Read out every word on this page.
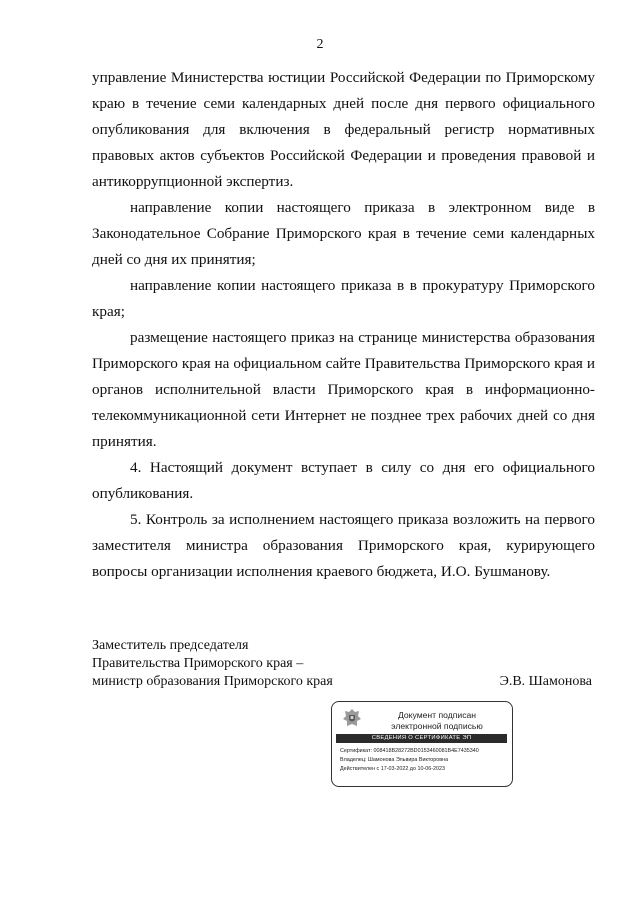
2

управление Министерства юстиции Российской Федерации по Приморскому краю в течение семи календарных дней после дня первого официального опубликования для включения в федеральный регистр нормативных правовых актов субъектов Российской Федерации и проведения правовой и антикоррупционной экспертиз.

направление копии настоящего приказа в электронном виде в Законодательное Собрание Приморского края в течение семи календарных дней со дня их принятия;

направление копии настоящего приказа в в прокуратуру Приморского края;

размещение настоящего приказ на странице министерства образования Приморского края на официальном сайте Правительства Приморского края и органов исполнительной власти Приморского края в информационно-телекоммуникационной сети Интернет не позднее трех рабочих дней со дня принятия.

4. Настоящий документ вступает в силу со дня его официального опубликования.

5. Контроль за исполнением настоящего приказа возложить на первого заместителя министра образования Приморского края, курирующего вопросы организации исполнения краевого бюджета, И.О. Бушманову.

Заместитель председателя
Правительства Приморского края –
министр образования Приморского края	Э.В. Шамонова
Документ подписан
электронной подписью
СВЕДЕНИЯ О СЕРТИФИКАТЕ ЭП
Сертификат: 008418B28272BD0153460081B4E7435340
Владелец: Шамонова Эльвира Викторовна
Действителен с 17-03-2022 до 10-06-2023
